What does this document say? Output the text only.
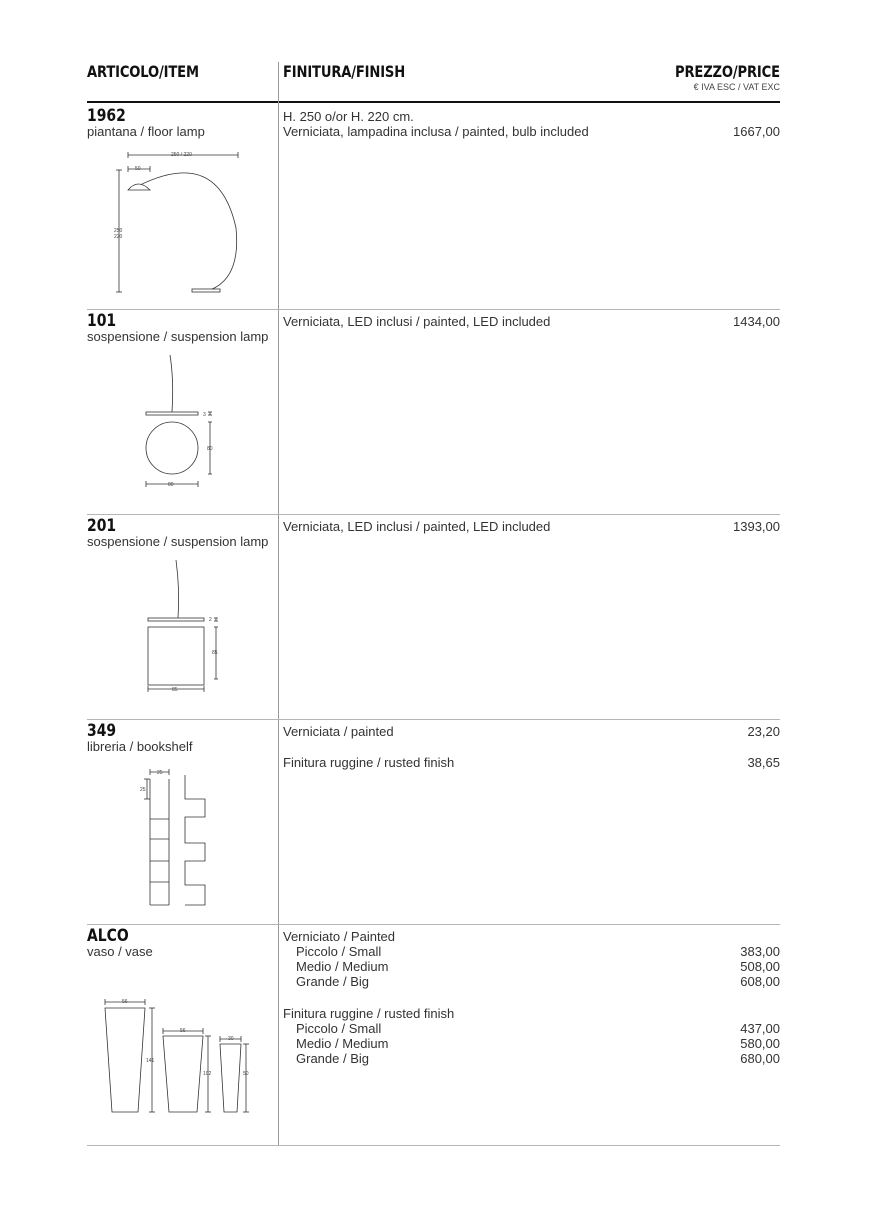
ARTICOLO/ITEM	FINITURA/FINISH	PREZZO/PRICE
€ IVA ESC / VAT EXC
1962
piantana / floor lamp
250 / 220
50
250
220
H. 250 o/or H. 220 cm.
Verniciata, lampadina inclusa / painted, bulb included	1667,00
101
sospensione / suspension lamp
3
80
80
Verniciata, LED inclusi / painted, LED included	1434,00
201
sospensione / suspension lamp
2
85
85
Verniciata, LED inclusi / painted, LED included	1393,00
349
libreria / bookshelf
25
25
Verniciata / painted	23,20
Finitura ruggine / rusted finish	38,65
ALCO
vaso / vase
56
141
56
102
30
50
Verniciato / Painted
Piccolo / Small	383,00
Medio / Medium	508,00
Grande / Big	608,00
Finitura ruggine / rusted finish
Piccolo / Small	437,00
Medio / Medium	580,00
Grande / Big	680,00
